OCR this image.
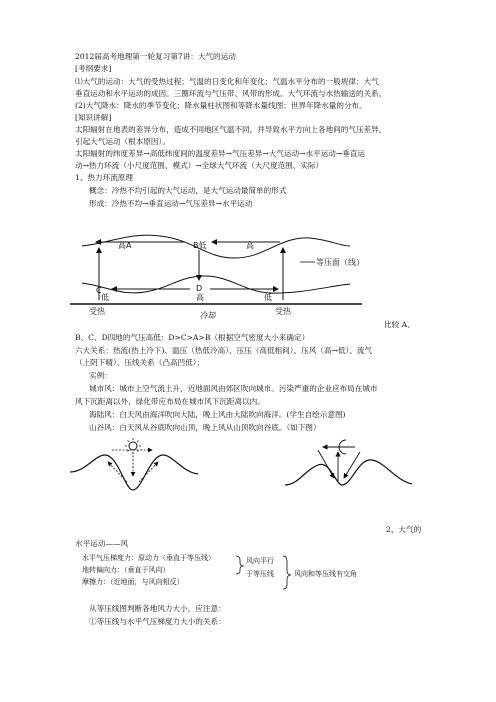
2012届高考地理第一轮复习第7讲：大气的运动
[考纲要求]
⑴大气的运动：大气的受热过程；气温的日变化和年变化；气温水平分布的一般规律；大气
垂直运动和水平运动的成因。三圈环流与气压带、风带的形成。大气环流与水热输送的关系。
(2)大气降水：降水的季节变化；降水量柱状图和等降水量线图；世界年降水量的分布。
[知识讲解]
太阳辐射在地表的差异分布，造成不同地区气温不同，并导致水平方向上各地间的气压差异，
引起大气运动（根本原因）。
太阳辐射的纬度差异→高低纬度间的温度差异→气压差异→大气运动→水平运动→垂直运
动→热力环流（小尺度范围、模式）→全球大气环流（大尺度范围、实际）
1、热力环流原理
概念：冷热不均引起的大气运动，是大气运动最简单的形式
形成：冷热不均→垂直运动→气压差异→水平运动
高A	B低	高
等压面（线）
C	D
低	高	低
受热	冷却	受热
比较 A、
B、C、D四地的气压高低：D>C>A>B（根据空气密度大小来确定）
六大关系：热流(热上冷下)、温压（热低冷高）、压压（高低相间）、压风（高→低）、流气
（上阴下晴）、压线关系（凸高凹低）；
实例：
城市风：城市上空气流上升，近地面风由郊区吹向城市。污染严重的企业应布局在城市
风下沉距离以外，绿化带应布局在城市风下沉距离以内。
海陆风：白天风由海洋吹向大陆，晚上风由大陆吹向海洋。(学生自绘示意图)
山谷风：白天风从谷底吹向山顶，晚上风从山顶吹向谷底。（如下图）
2、大气的
水平运动——风
水平气压梯度力：原动力（垂直于等压线）
地转偏向力：（垂直于风向）
摩擦力：（近地面，与风向相反）
风向平行
于等压线	风向和等压线有交角
从等压线图判断各地风力大小，应注意：
①等压线与水平气压梯度力大小的关系：
